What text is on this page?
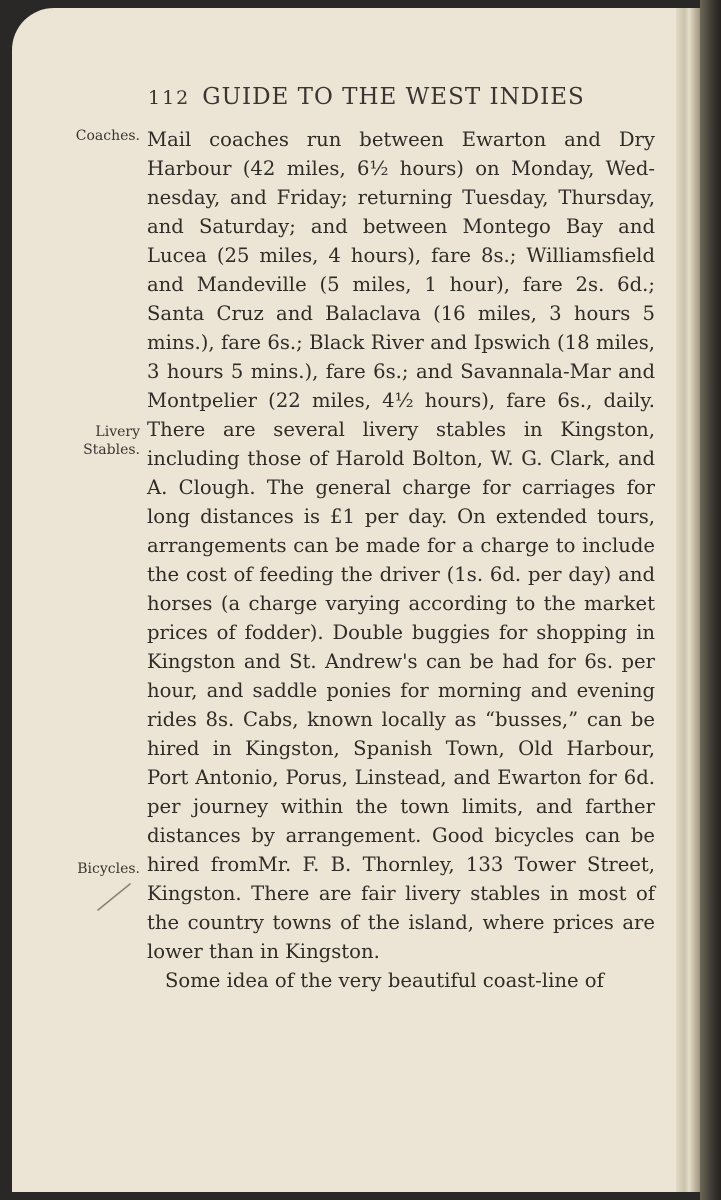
112 GUIDE TO THE WEST INDIES
Coaches.
Livery Stables.
Bicycles.
Mail coaches run between Ewarton and Dry Harbour (42 miles, 6½ hours) on Monday, Wednesday, and Friday; returning Tuesday, Thursday, and Saturday; and between Montego Bay and Lucea (25 miles, 4 hours), fare 8s.; Williamsfield and Mandeville (5 miles, 1 hour), fare 2s. 6d.; Santa Cruz and Balaclava (16 miles, 3 hours 5 mins.), fare 6s.; Black River and Ipswich (18 miles, 3 hours 5 mins.), fare 6s.; and Savannala-Mar and Montpelier (22 miles, 4½ hours), fare 6s., daily. There are several livery stables in Kingston, including those of Harold Bolton, W. G. Clark, and A. Clough. The general charge for carriages for long distances is £1 per day. On extended tours, arrangements can be made for a charge to include the cost of feeding the driver (1s. 6d. per day) and horses (a charge varying according to the market prices of fodder). Double buggies for shopping in Kingston and St. Andrew's can be had for 6s. per hour, and saddle ponies for morning and evening rides 8s. Cabs, known locally as “busses,” can be hired in Kingston, Spanish Town, Old Harbour, Port Antonio, Porus, Linstead, and Ewarton for 6d. per journey within the town limits, and farther distances by arrangement. Good bicycles can be hired fromMr. F. B. Thornley, 133 Tower Street, Kingston. There are fair livery stables in most of the country towns of the island, where prices are lower than in Kingston.
Some idea of the very beautiful coast-line of
